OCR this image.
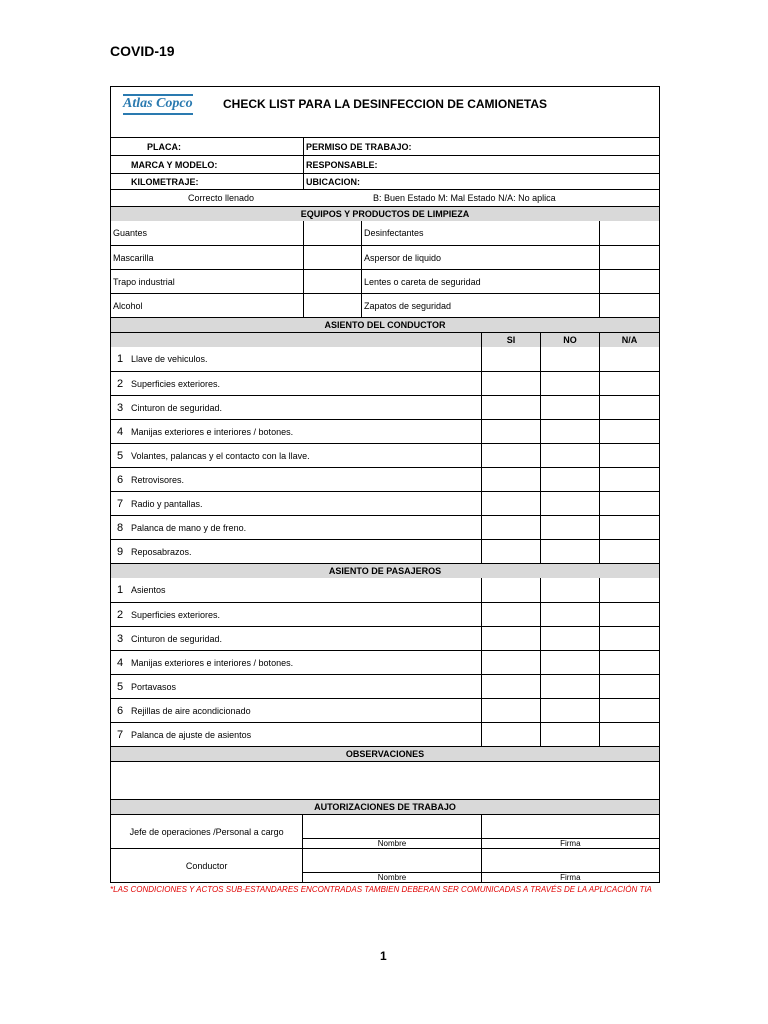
COVID-19
Atlas Copco	CHECK LIST PARA LA DESINFECCION DE CAMIONETAS
PLACA:	PERMISO DE TRABAJO:
MARCA Y MODELO:	RESPONSABLE:
KILOMETRAJE:	UBICACION:
Correcto llenado	B: Buen Estado M: Mal Estado N/A: No aplica
EQUIPOS Y PRODUCTOS DE LIMPIEZA
Guantes	Desinfectantes
Mascarilla	Aspersor de liquido
Trapo industrial	Lentes o careta de seguridad
Alcohol	Zapatos de seguridad
ASIENTO DEL CONDUCTOR
SI	NO	N/A
1 Llave de vehiculos.
2 Superficies exteriores.
3 Cinturon de seguridad.
4 Manijas exteriores e interiores / botones.
5 Volantes, palancas y el contacto con la llave.
6 Retrovisores.
7 Radio y pantallas.
8 Palanca de mano y de freno.
9 Reposabrazos.
ASIENTO DE PASAJEROS
1 Asientos
2 Superficies exteriores.
3 Cinturon de seguridad.
4 Manijas exteriores e interiores / botones.
5 Portavasos
6 Rejillas de aire acondicionado
7 Palanca de ajuste de asientos
OBSERVACIONES
AUTORIZACIONES DE TRABAJO
Jefe de operaciones /Personal a cargo
Nombre	Firma
Conductor
Nombre	Firma
*LAS CONDICIONES Y ACTOS SUB-ESTANDARES ENCONTRADAS TAMBIEN DEBERAN SER COMUNICADAS A TRAVÉS DE LA APLICACIÓN TIA
1
